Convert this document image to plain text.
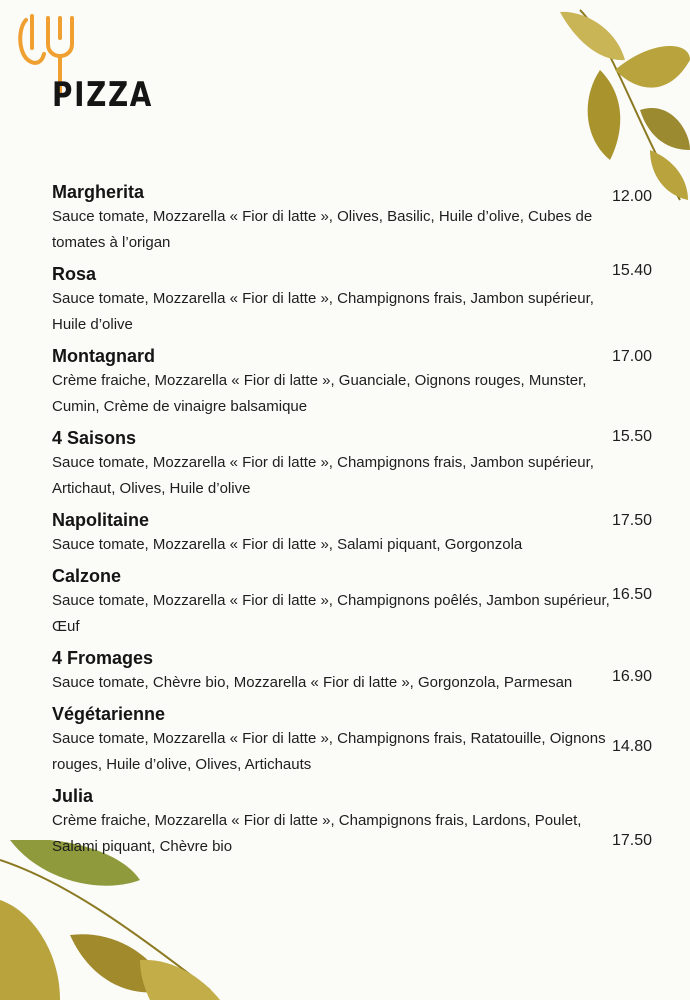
PIZZA
12.00
Margherita
Sauce tomate, Mozzarella « Fior di latte », Olives, Basilic, Huile d’olive, Cubes de tomates à l’origan
15.40
Rosa
Sauce tomate, Mozzarella « Fior di latte », Champignons frais, Jambon supérieur, Huile d’olive
17.00
Montagnard
Crème fraiche, Mozzarella « Fior di latte », Guanciale, Oignons rouges, Munster, Cumin, Crème de vinaigre balsamique
15.50
4 Saisons
Sauce tomate, Mozzarella « Fior di latte », Champignons frais, Jambon supérieur, Artichaut, Olives, Huile d’olive
17.50
Napolitaine
Sauce tomate, Mozzarella « Fior di latte », Salami piquant, Gorgonzola
16.50
Calzone
Sauce tomate, Mozzarella « Fior di latte », Champignons poêlés, Jambon supérieur, Œuf
16.90
4 Fromages
Sauce tomate, Chèvre bio, Mozzarella « Fior di latte », Gorgonzola, Parmesan
14.80
Végétarienne
Sauce tomate, Mozzarella « Fior di latte », Champignons frais, Ratatouille, Oignons rouges, Huile d’olive, Olives, Artichauts
17.50
Julia
Crème fraiche, Mozzarella « Fior di latte », Champignons frais, Lardons, Poulet, Salami piquant, Chèvre bio
